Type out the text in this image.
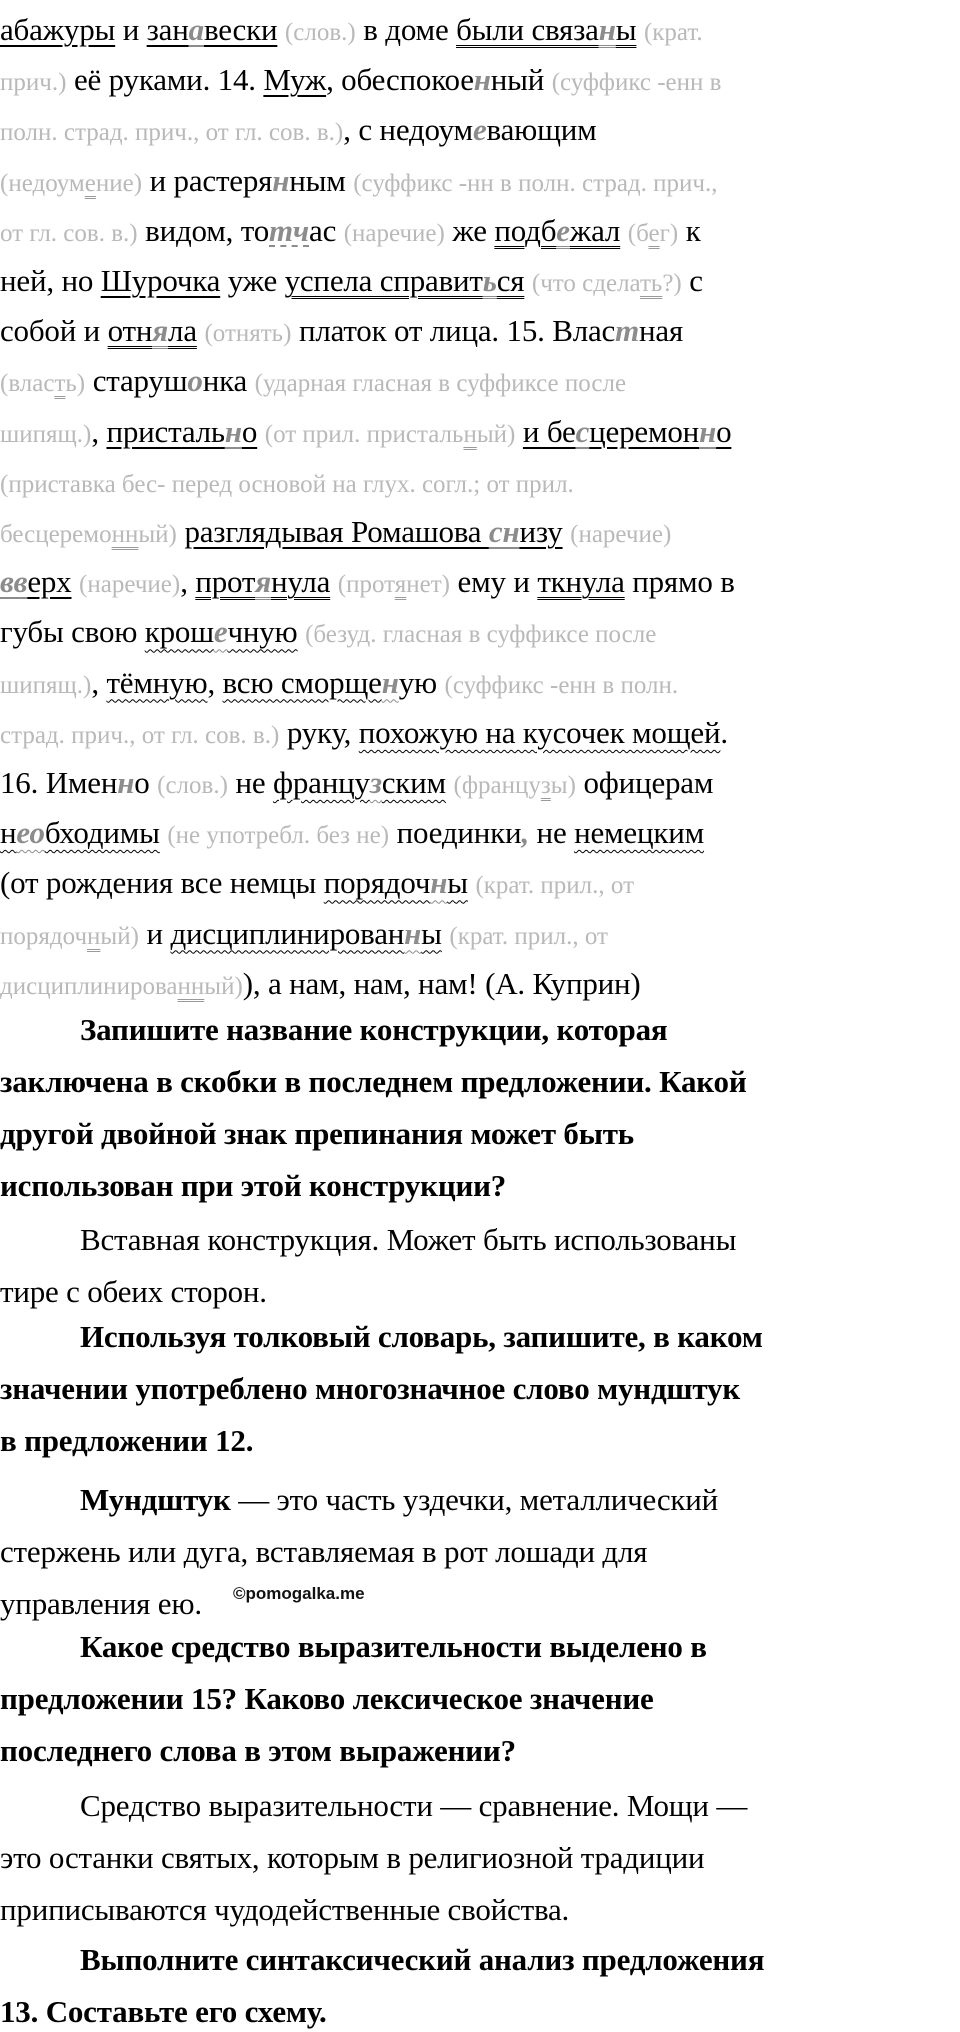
абажуры и занавески (слов.) в доме были связаны (крат.
прич.) её руками. 14. Муж, обеспокоенный (суффикс -енн в
полн. страд. прич., от гл. сов. в.), с недоумевающим
(недоумение) и растерянным (суффикс -нн в полн. страд. прич.,
от гл. сов. в.) видом, тотчас (наречие) же подбежал (бег) к
ней, но Шурочка уже успела справиться (что сделать?) с
собой и отняла (отнять) платок от лица. 15. Властная
(власть) старушонка (ударная гласная в суффиксе после
шипящ.), пристально (от прил. пристальный) и бесцеремонно
(приставка бес- перед основой на глух. согл.; от прил.
бесцеремонный) разглядывая Ромашова снизу (наречие)
вверх (наречие), протянула (протянет) ему и ткнула прямо в
губы свою крошечную (безуд. гласная в суффиксе после
шипящ.), тёмную, всю сморщеную (суффикс -енн в полн.
страд. прич., от гл. сов. в.) руку, похожую на кусочек мощей.
16. Именно (слов.) не французским (французы) офицерам
необходимы (не употребл. без не) поединки, не немецким
(от рождения все немцы порядочны (крат. прил., от
порядочный) и дисциплинированны (крат. прил., от
дисциплинированный)), а нам, нам, нам! (А. Куприн)
Запишите название конструкции, которая
заключена в скобки в последнем предложении. Какой
другой двойной знак препинания может быть
использован при этой конструкции?
Вставная конструкция. Может быть использованы
тире с обеих сторон.
Используя толковый словарь, запишите, в каком
значении употреблено многозначное слово мундштук
в предложении 12.
Мундштук — это часть уздечки, металлический
стержень или дуга, вставляемая в рот лошади для
управления ею.
Какое средство выразительности выделено в
предложении 15? Каково лексическое значение
последнего слова в этом выражении?
Средство выразительности — сравнение. Мощи —
это останки святых, которым в религиозной традиции
приписываются чудодейственные свойства.
Выполните синтаксический анализ предложения
13. Составьте его схему.
©pomogalka.me
